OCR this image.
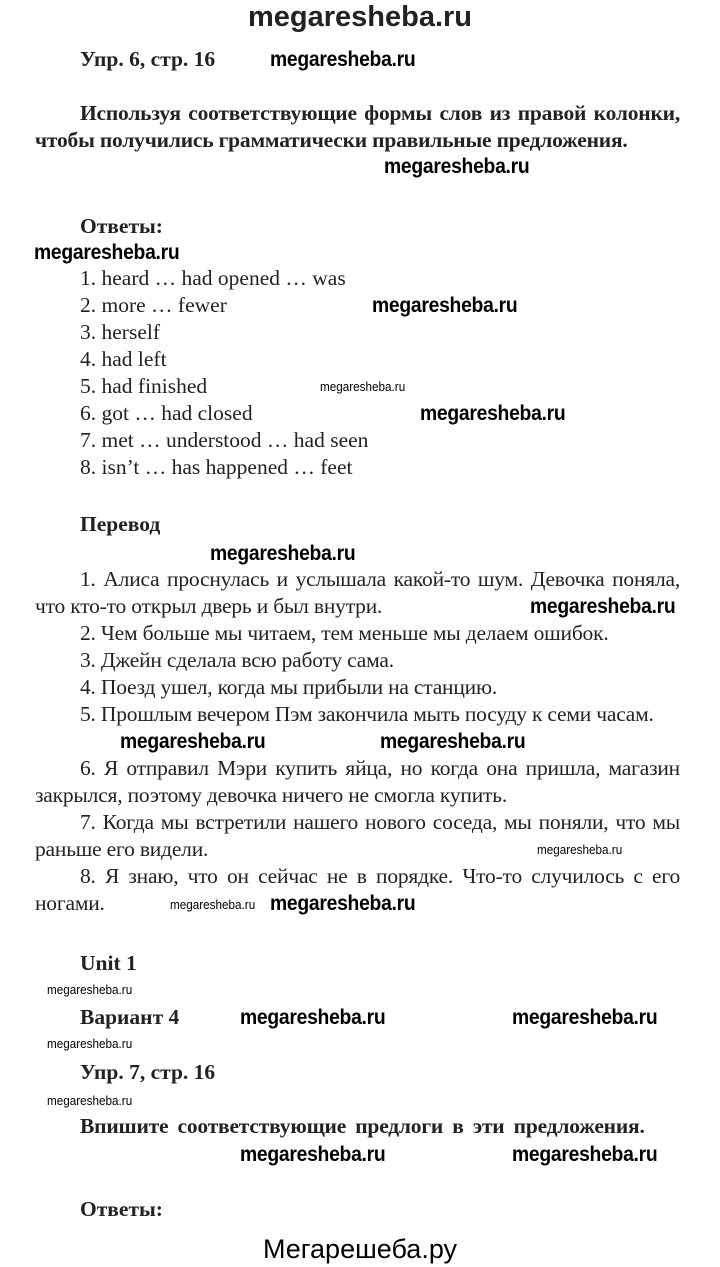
megaresheba.ru
Упр. 6, стр. 16
Используя соответствующие формы слов из правой колонки, чтобы получились грамматически правильные предложения.
Ответы:
1. heard … had opened … was
2. more … fewer
3. herself
4. had left
5. had finished
6. got … had closed
7. met … understood … had seen
8. isn’t … has happened … feet
Перевод
1. Алиса проснулась и услышала какой-то шум. Девочка поняла, что кто-то открыл дверь и был внутри.
2. Чем больше мы читаем, тем меньше мы делаем ошибок.
3. Джейн сделала всю работу сама.
4. Поезд ушел, когда мы прибыли на станцию.
5. Прошлым вечером Пэм закончила мыть посуду к семи часам.
6. Я отправил Мэри купить яйца, но когда она пришла, магазин закрылся, поэтому девочка ничего не смогла купить.
7. Когда мы встретили нашего нового соседа, мы поняли, что мы раньше его видели.
8. Я знаю, что он сейчас не в порядке. Что-то случилось с его ногами.
Unit 1
Вариант 4
Упр. 7, стр. 16
Впишите соответствующие предлоги в эти предложения.
Ответы:
Мегарешеба.ру
megaresheba.ru
megaresheba.ru
megaresheba.ru
megaresheba.ru
megaresheba.ru
megaresheba.ru
megaresheba.ru
megaresheba.ru
megaresheba.ru
megaresheba.ru
megaresheba.ru
megaresheba.ru megaresheba.ru
megaresheba.ru
megaresheba.ru	megaresheba.ru
megaresheba.ru
megaresheba.ru
megaresheba.ru	megaresheba.ru
